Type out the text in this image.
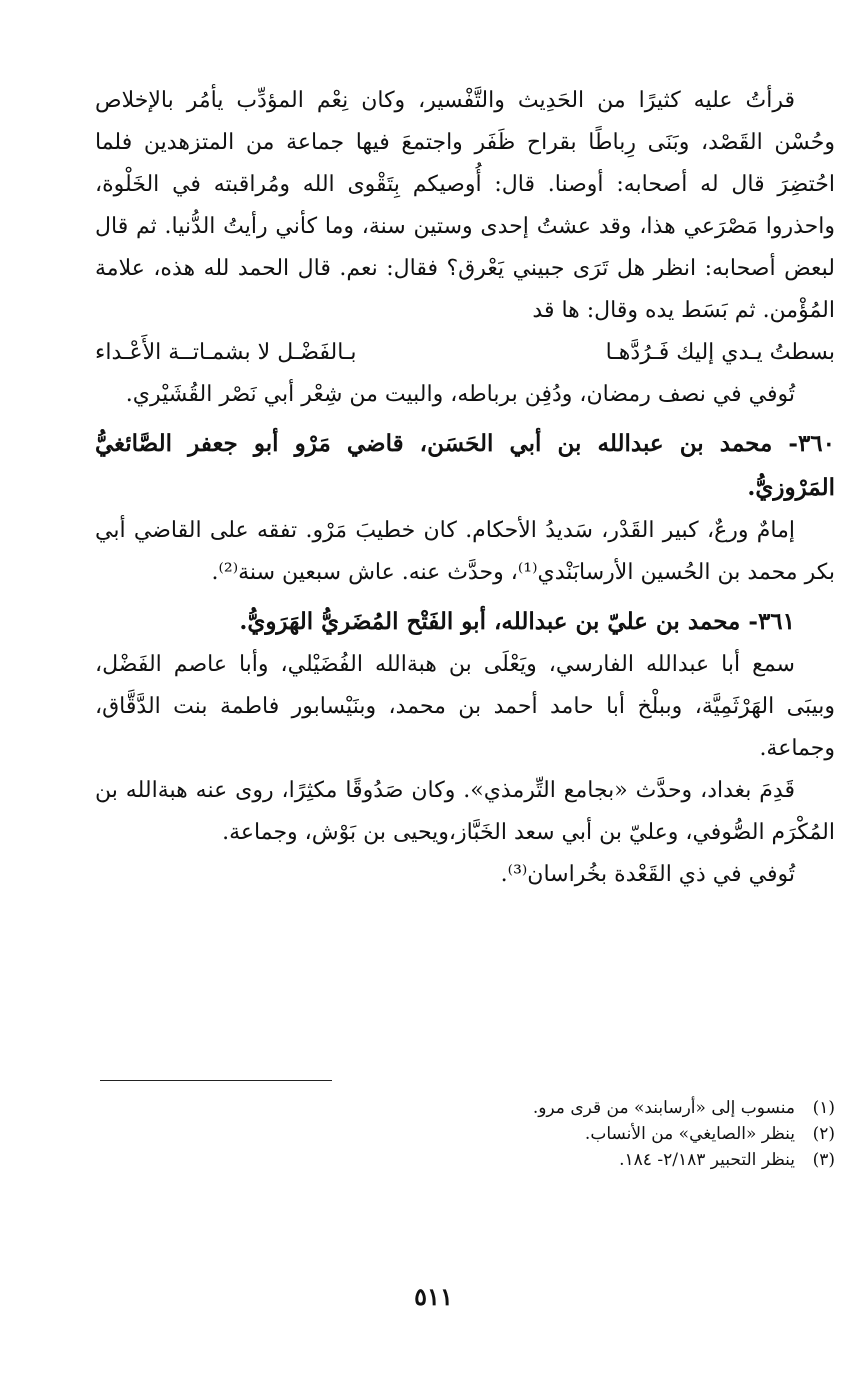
قرأتُ عليه كثيرًا من الحَدِيث والتَّفْسير، وكان نِعْم المؤدِّب يأمُر بالإخلاص وحُسْن القَصْد، وبَنَى رِباطًا بقراح ظَفَر واجتمعَ فيها جماعة من المتزهدين فلما احُتضِرَ قال له أصحابه: أوصنا. قال: أُوصيكم بِتَقْوى الله ومُراقبته في الخَلْوة، واحذروا مَصْرَعي هذا، وقد عشتُ إحدى وستين سنة، وما كأني رأيتُ الدُّنيا. ثم قال لبعض أصحابه: انظر هل تَرَى جبيني يَعْرق؟ فقال: نعم. قال الحمد لله هذه، علامة المُؤْمن. ثم بَسَط يده وقال: ها قد

بسطتُ يـدي إليك فَـرُدَّهـا
بـالفَضْـل لا بشمـاتــة الأَعْـداء

تُوفي في نصف رمضان، ودُفِن برباطه، والبيت من شِعْر أبي نَصْر القُشَيْري.

٣٦٠- محمد بن عبدالله بن أبي الحَسَن، قاضي مَرْو أبو جعفر الصَّائغيُّ المَرْوزيُّ.

إمامٌ ورعٌ، كبير القَدْر، سَديدُ الأحكام. كان خطيبَ مَرْو. تفقه على القاضي أبي بكر محمد بن الحُسين الأرسابَنْدي⁽¹⁾، وحدَّث عنه. عاش سبعين سنة⁽²⁾.

٣٦١- محمد بن عليّ بن عبدالله، أبو الفَتْح المُضَريُّ الهَرَويُّ.

سمع أبا عبدالله الفارسي، ويَعْلَى بن هبةالله الفُضَيْلي، وأبا عاصم الفَضْل، وبيبَى الهَرْثَمِيَّة، وببلْخ أبا حامد أحمد بن محمد، وبنَيْسابور فاطمة بنت الدَّقَّاق، وجماعة.

قَدِمَ بغداد، وحدَّث «بجامع التِّرمذي». وكان صَدُوقًا مكثِرًا، روى عنه هبةالله بن المُكْرَم الصُّوفي، وعليّ بن أبي سعد الخَبَّاز،ويحيى بن بَوْش، وجماعة.

تُوفي في ذي القَعْدة بخُراسان⁽³⁾.

(١)
منسوب إلى «أرسابند» من قرى مرو.
(٢)
ينظر «الصايغي» من الأنساب.
(٣)
ينظر التحبير ٢/١٨٣- ١٨٤.
٥١١
